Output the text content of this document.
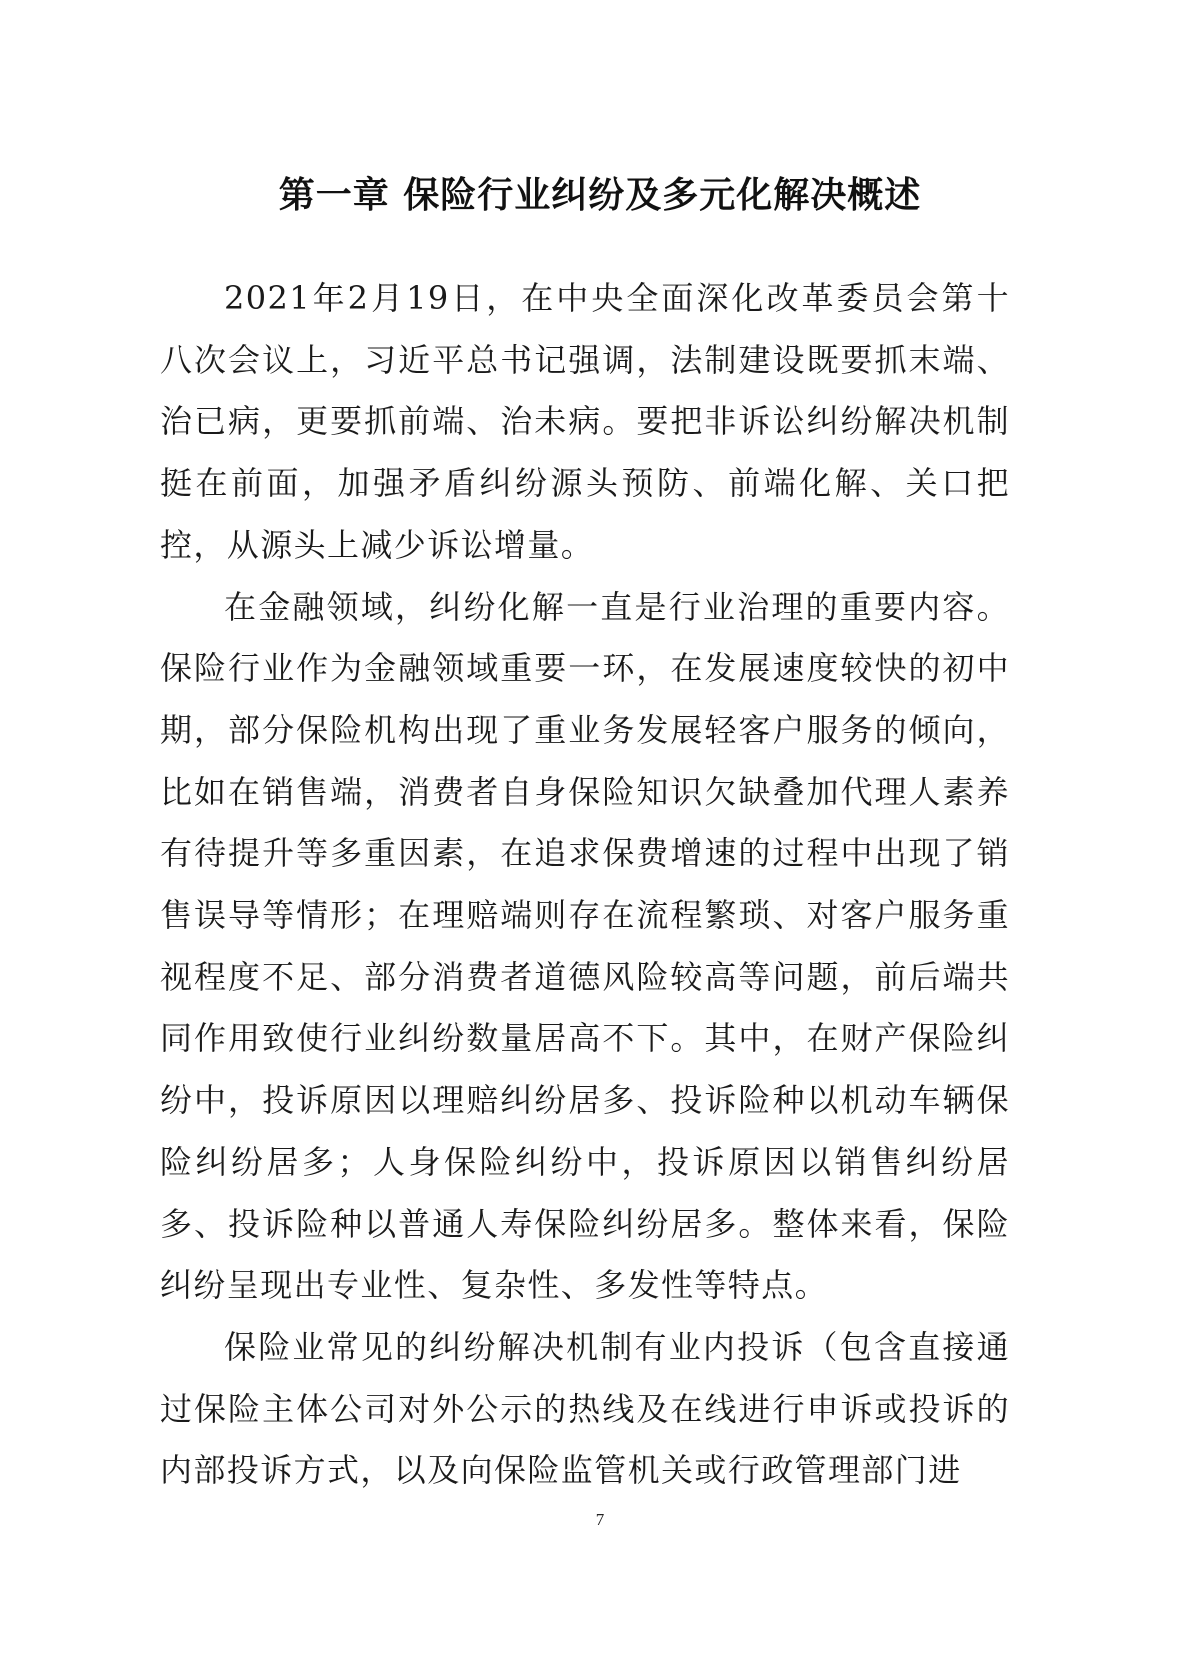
第一章 保险行业纠纷及多元化解决概述

2021年2月19日，在中央全面深化改革委员会第十八次会议上，习近平总书记强调，法制建设既要抓末端、治已病，更要抓前端、治未病。要把非诉讼纠纷解决机制挺在前面，加强矛盾纠纷源头预防、前端化解、关口把控，从源头上减少诉讼增量。

在金融领域，纠纷化解一直是行业治理的重要内容。保险行业作为金融领域重要一环，在发展速度较快的初中期，部分保险机构出现了重业务发展轻客户服务的倾向，比如在销售端，消费者自身保险知识欠缺叠加代理人素养有待提升等多重因素，在追求保费增速的过程中出现了销售误导等情形；在理赔端则存在流程繁琐、对客户服务重视程度不足、部分消费者道德风险较高等问题，前后端共同作用致使行业纠纷数量居高不下。其中，在财产保险纠纷中，投诉原因以理赔纠纷居多、投诉险种以机动车辆保险纠纷居多；人身保险纠纷中，投诉原因以销售纠纷居多、投诉险种以普通人寿保险纠纷居多。整体来看，保险纠纷呈现出专业性、复杂性、多发性等特点。

保险业常见的纠纷解决机制有业内投诉（包含直接通过保险主体公司对外公示的热线及在线进行申诉或投诉的内部投诉方式，以及向保险监管机关或行政管理部门进

7
